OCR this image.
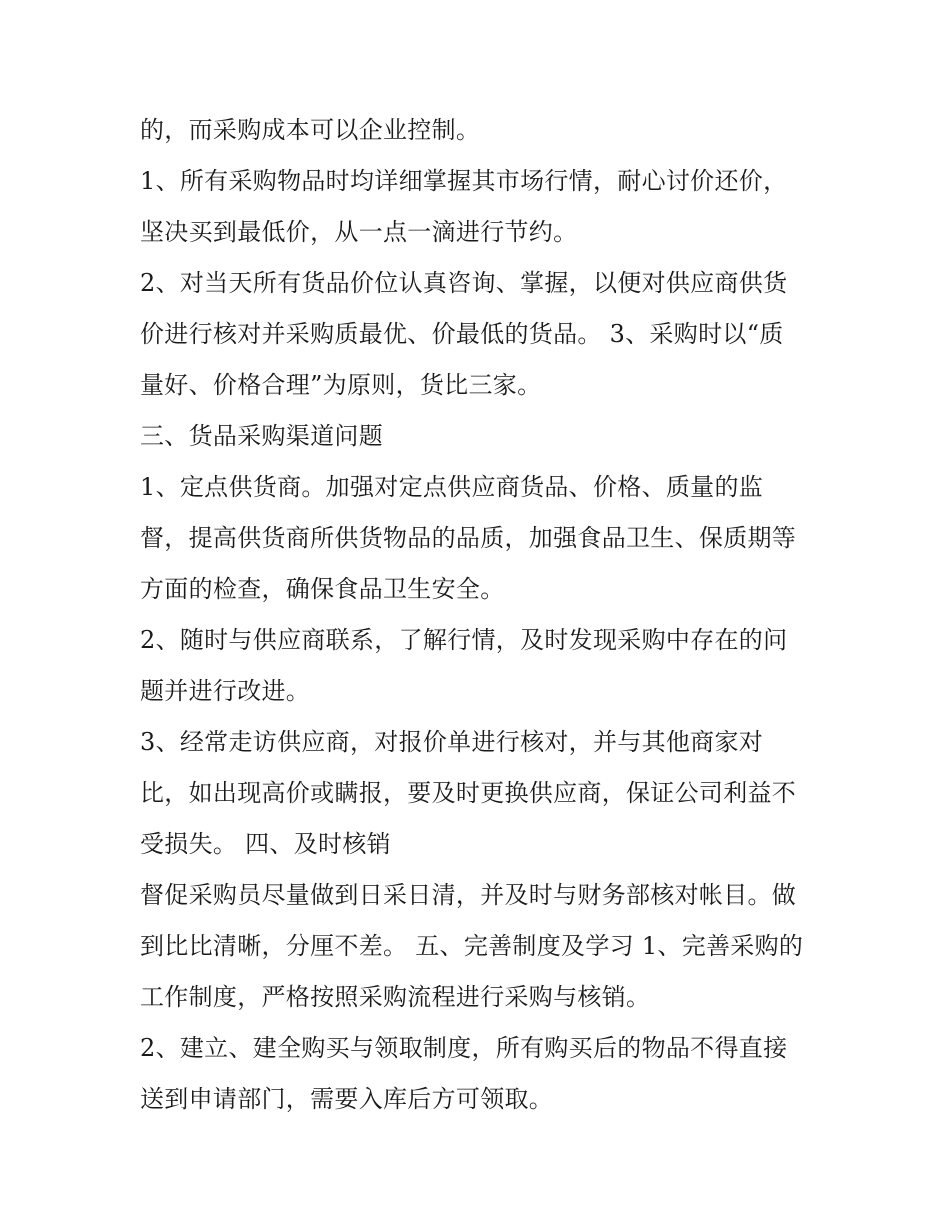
的，而采购成本可以企业控制。
1、所有采购物品时均详细掌握其市场行情，耐心讨价还价，
坚决买到最低价，从一点一滴进行节约。
2、对当天所有货品价位认真咨询、掌握，以便对供应商供货
价进行核对并采购质最优、价最低的货品。 3、采购时以“质
量好、价格合理”为原则，货比三家。
三、货品采购渠道问题
1、定点供货商。加强对定点供应商货品、价格、质量的监
督，提高供货商所供货物品的品质，加强食品卫生、保质期等
方面的检查，确保食品卫生安全。
2、随时与供应商联系，了解行情，及时发现采购中存在的问
题并进行改进。
3、经常走访供应商，对报价单进行核对，并与其他商家对
比，如出现高价或瞒报，要及时更换供应商，保证公司利益不
受损失。 四、及时核销
督促采购员尽量做到日采日清，并及时与财务部核对帐目。做
到比比清晰，分厘不差。 五、完善制度及学习 1、完善采购的
工作制度，严格按照采购流程进行采购与核销。
2、建立、建全购买与领取制度，所有购买后的物品不得直接
送到申请部门，需要入库后方可领取。
